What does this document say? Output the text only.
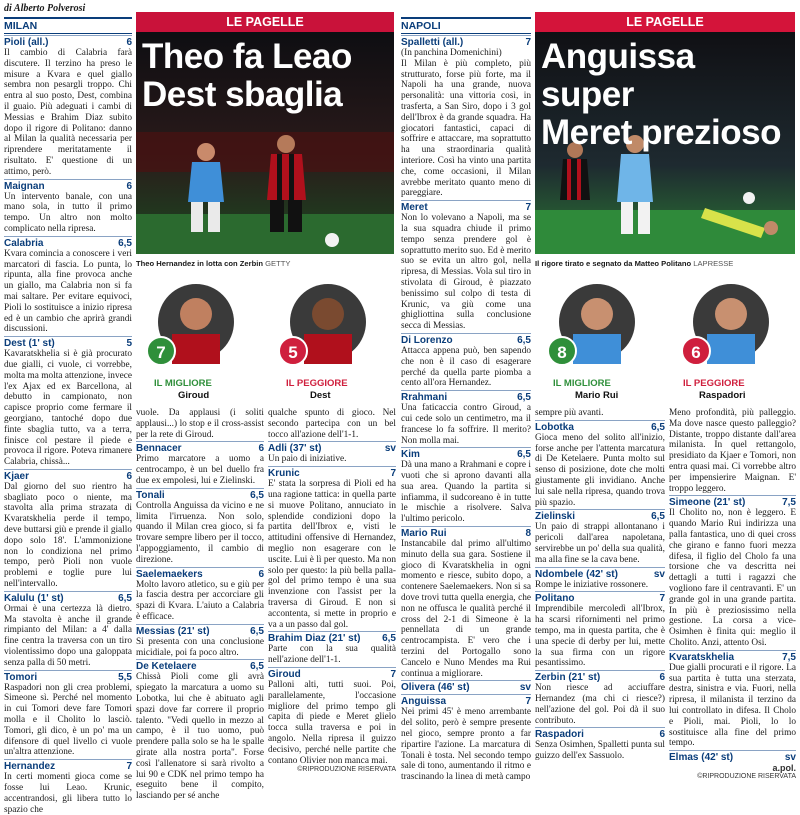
di Alberto Polverosi
MILAN
Pioli (all.)	6
Il cambio di Calabria farà discutere. Il terzino ha preso le misure a Kvara e quel giallo sembra non pesargli troppo. Chi entra al suo posto, Dest, combina il guaio. Più adeguati i cambi di Messias e Brahim Diaz subito dopo il rigore di Politano: danno al Milan la qualità necessaria per riprendere meritatamente il risultato. E' questione di un attimo, però.
Maignan	6
Un intervento banale, con una mano sola, in tutto il primo tempo. Un altro non molto complicato nella ripresa.
Calabria	6,5
Kvara comincia a conoscere i veri marcatori di fascia. Lo punta, lo ripunta, alla fine provoca anche un giallo, ma Calabria non si fa mai saltare. Per evitare equivoci, Pioli lo sostituisce a inizio ripresa ed è un cambio che aprirà grandi discussioni.
Dest (1' st)	5
Kavaratskhelia si è già procurato due gialli, ci vuole, ci vorrebbe, molta ma molta attenzione, invece l'ex Ajax ed ex Barcellona, al debutto in campionato, non capisce proprio come fermare il georgiano, tantoché dopo due finte sbaglia tutto, va a terra, finisce col pestare il piede e provoca il rigore. Poteva rimanere Calabria, chissà...
Kjaer	6
Dal giorno del suo rientro ha sbagliato poco o niente, ma stavolta alla prima strazata di Kvaratskhelia perde il tempo, deve buttarsi giù e prende il giallo dopo solo 18'. L'ammonizione non lo condiziona nel primo tempo, però Pioli non vuole problemi e toglie pure lui nell'intervallo.
Kalulu (1' st)	6,5
Ormai è una certezza là dietro. Ma stavolta è anche il grande rimpianto del Milan: a 4' dalla fine centra la traversa con un tiro violentissimo dopo una galoppata senza palla di 50 metri.
Tomori	5,5
Raspadori non gli crea problemi, Simeone sì. Perché nel momento in cui Tomori deve fare Tomori molla e il Cholito lo lasciò. Tomori, gli dico, è un po' ma un difensore di quel livello ci vuole un'altra attenzione.
Hernandez	7
In certi momenti gioca come se fosse lui Leao. Krunic, accentrandosi, gli libera tutto lo spazio che
LE PAGELLE
Theo fa Leao
Dest sbaglia
Theo Hernandez in lotta con Zerbin GETTY
7
IL MIGLIORE
Giroud
5
IL PEGGIORE
Dest
vuole. Da applausi (i soliti applausi...) lo stop e il cross-assist per la rete di Giroud.
Bennacer	6
Primo marcatore a uomo a centrocampo, è un bel duello fra due ex empolesi, lui e Zielinski.
Tonali	6,5
Controlla Anguissa da vicino e ne limita l'irruenza. Non solo, quando il Milan crea gioco, si fa trovare sempre libero per il tocco, l'appoggiamento, il cambio di direzione.
Saelemaekers	6
Molto lavoro atletico, su e giù per la fascia destra per accorciare gli spazi di Kvara. L'aiuto a Calabria è efficace.
Messias (21' st)	6,5
Si presenta con una conclusione micidiale, poi fa poco altro.
De Ketelaere	6,5
Chissà Pioli come gli avrà spiegato la marcatura a uomo su Lobotka, lui che è abituato agli spazi dove far correre il proprio talento. "Vedi quello in mezzo al campo, è il tuo uomo, può prendere palla solo se ha le spalle girate alla nostra porta". Forse così l'allenatore si sarà rivolto a lui 90 e CDK nel primo tempo ha eseguito bene il compito, lasciando per sé anche
qualche spunto di gioco. Nel secondo partecipa con un bel tocco all'azione dell'1-1.
Adli (37' st)	sv
Un paio di iniziative.
Krunic	7
E' stata la sorpresa di Pioli ed ha una ragione tattica: in quella parte si muove Politano, annuciato in splendide condizioni dopo la partita dell'Ibrox e, visti le attitudini offensive di Hernandez, meglio non esagerare con le uscite. Lui è lì per questo. Ma non solo per questo: la più bella palla-gol del primo tempo è una sua invenzione con l'assist per la traversa di Giroud. E non si accontenta, si mette in proprio e va a un passo dal gol.
Brahim Diaz (21' st) 6,5
Parte con la sua qualità nell'azione dell'1-1.
Giroud	7
Palloni alti, tutti suoi. Poi, parallelamente, l'occasione migliore del primo tempo gli capita di piede e Meret glielo toccа sulla traversa e poi in angolo. Nella ripresa il guizzo decisivo, perché nelle partite che contano Olivier non manca mai.
©RIPRODUZIONE RISERVATA
NAPOLI
Spalletti (all.)	7
(In panchina Domenichini)
Il Milan è più completo, più strutturato, forse più forte, ma il Napoli ha una grande, nuova personalità: una vittoria così, in trasferta, a San Siro, dopo i 3 gol dell'Ibrox è da grande squadra. Ha giocatori fantastici, capaci di soffrire e attaccare, ma soprattutto ha una straordinaria qualità interiore. Così ha vinto una partita che, come occasioni, il Milan avrebbe meritato quanto meno di pareggiare.
Meret	7
Non lo volevano a Napoli, ma se la sua squadra chiude il primo tempo senza prendere gol è soprattutto merito suo. Ed è merito suo se evita un altro gol, nella ripresa, di Messias. Vola sul tiro in stivolata di Giroud, è piazzato benissimo sul colpo di testa di Krunic, va giù come una ghigliottina sulla conclusione secca di Messias.
Di Lorenzo	6,5
Attacca appena può, ben sapendo che non è il caso di esagerare perché da quella parte piomba a cento all'ora Hernandez.
Rrahmani	6,5
Una faticaccia contro Giroud, a cui cede solo un centimetro, ma il francese lo fa soffrire. Il merito? Non molla mai.
Kim	6,5
Dà una mano a Rrahmani e copre i vuoti che si aprono davanti alla sua area. Quando la partita si infiamma, il sudcoreano è in tutte le mischie a risolvere. Salva l'ultimo pericolo.
Mario Rui	8
Instancabile dal primo all'ultimo minuto della sua gara. Sostiene il gioco di Kvaratskhelia in ogni momento e riesce, subito dopo, a contenere Saelemaekers. Non si sa dove trovi tutta quella energia, che non ne offusca le qualità perché il cross del 2-1 di Simeone è la pennellata di un grande centrocampista. E' vero che i terzini del Portogallo sono Cancelo e Nuno Mendes ma Rui continua a migliorare.
Olivera (46' st)	sv
Anguissa	7
Nei primi 45' è meno arrembante del solito, però è sempre presente nel gioco, sempre pronto a far ripartire l'azione. La marcatura di Tonali è tosta. Nel secondo tempo sale di tono, aumentando il ritmo e trascinando la linea di metà campo
LE PAGELLE
Anguissa super
Meret prezioso
Il rigore tirato e segnato da Matteo Politano LAPRESSE
8
IL MIGLIORE
Mario Rui
6
IL PEGGIORE
Raspadori
sempre più avanti.
Lobotka	6,5
Gioca meno del solito all'inizio, forse anche per l'attenta marcatura di De Ketelaere. Punta molto sul senso di posizione, dote che molti giustamente gli invidiano. Anche lui sale nella ripresa, quando trova più spazio.
Zielinski	6,5
Un paio di strappi allontanano i pericoli dall'area napoletana, servirebbe un po' della sua qualità, ma alla fine se la cava bene.
Ndombele (42' st)	sv
Rompe le iniziative rossonere.
Politano	7
Imprendibile mercoledì all'Ibrox, ha scarsi rifornimenti nel primo tempo, ma in questa partita, che è una specie di derby per lui, mette la sua firma con un rigore pesantissimo.
Zerbin (21' st)	6
Non riesce ad acciuffare Hernandez (ma chi ci riesce?) nell'azione del gol. Poi dà il suo contributo.
Raspadori	6
Senza Osimhen, Spalletti punta sul guizzo dell'ex Sassuolo.
Meno profondità, più palleggio. Ma dove nasce questo palleggio? Distante, troppo distante dall'area milanista. In quel rettangolo, presidiato da Kjaer e Tomori, non entra quasi mai. Ci vorrebbe altro per impensierire Maignan. E' troppo leggero.
Simeone (21' st)	7,5
Il Cholito no, non è leggero. E quando Mario Rui indirizza una palla fantastica, uno di quei cross che girano e fanno fuori mezza difesa, il figlio del Cholo fa una torsione che va descritta nei dettagli a tutti i ragazzi che vogliono fare il centravanti. E' un grande gol in una grande partita. In più è preziosissimo nella gestione. La corsa a vice-Osimhen è finita qui: meglio il Cholito. Anzi, attento Osi.
Kvaratskhelia	7,5
Due gialli procurati e il rigore. La sua partita è tutta una sterzata, destra, sinistra e via. Fuori, nella ripresa, il milanista il terzino da lui controllato in difesa. Il Cholo e Pioli, mai. Pioli, lo lo sostituisce alla fine del primo tempo.
Elmas (42' st)	sv
a.pol.
©RIPRODUZIONE RISERVATA
